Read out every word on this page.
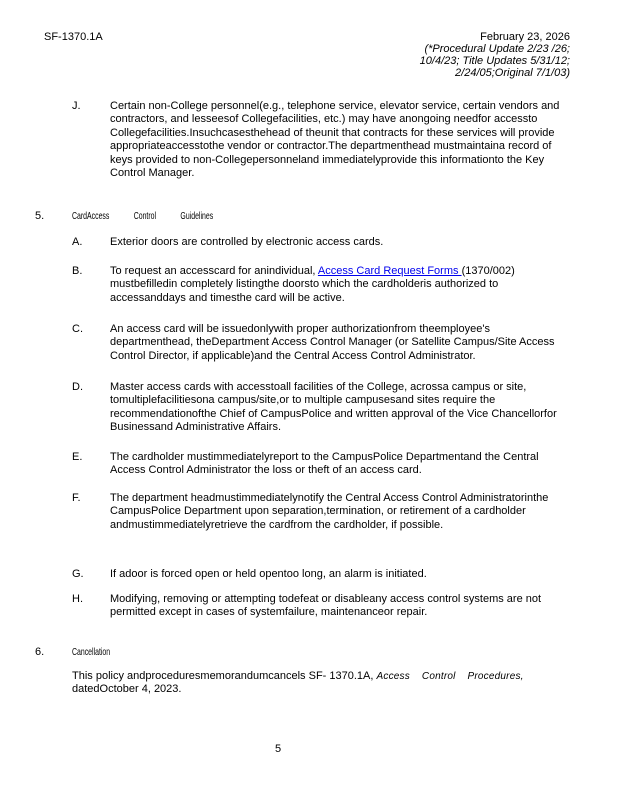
SF-1370.1A	February 23, 2026
(*Procedural Update 2/23 /26;
10/4/23; Title Updates 5/31/12;
2/24/05;Original 7/1/03)
J.	Certain non-College personnel(e.g., telephone service, elevator service, certain vendors and contractors, and lesseesof Collegefacilities, etc.) may have anongoing needfor accessto Collegefacilities.Insuchcasesthehead of theunit that contracts for these services will provide appropriateaccesstothe vendor or contractor.The departmenthead mustmaintaina record of keys provided to non-Collegepersonneland immediatelyprovide this informationto the Key Control Manager.
5.	CardAccess Control Guidelines
A.	Exterior doors are controlled by electronic access cards.
B.	To request an accesscard for anindividual, Access Card Request Forms (1370/002) mustbefilledin completely listingthe doorsto which the cardholderis authorized to accessanddays and timesthe card will be active.
C.	An access card will be issuedonlywith proper authorizationfrom theemployee's departmenthead, theDepartment Access Control Manager (or Satellite Campus/Site Access Control Director, if applicable)and the Central Access Control Administrator.
D.	Master access cards with accesstoall facilities of the College, acrossa campus or site, tomultiplefacilitiesona campus/site,or to multiple campusesand sites require the recommendationofthe Chief of CampusPolice and written approval of the Vice Chancellorfor Businessand Administrative Affairs.
E.	The cardholder mustimmediatelyreport to the CampusPolice Departmentand the Central Access Control Administrator the loss or theft of an access card.
F.	The department headmustimmediatelynotify the Central Access Control Administratorinthe CampusPolice Department upon separation,termination, or retirement of a cardholder andmustimmediatelyretrieve the cardfrom the cardholder, if possible.
G.	If adoor is forced open or held opentoo long, an alarm is initiated.
H.	Modifying, removing or attempting todefeat or disableany access control systems are not permitted except in cases of systemfailure, maintenanceor repair.
6.	Cancellation
This policy andproceduresmemorandumcancels SF- 1370.1A, Access Control Procedures,
datedOctober 4, 2023.
5
